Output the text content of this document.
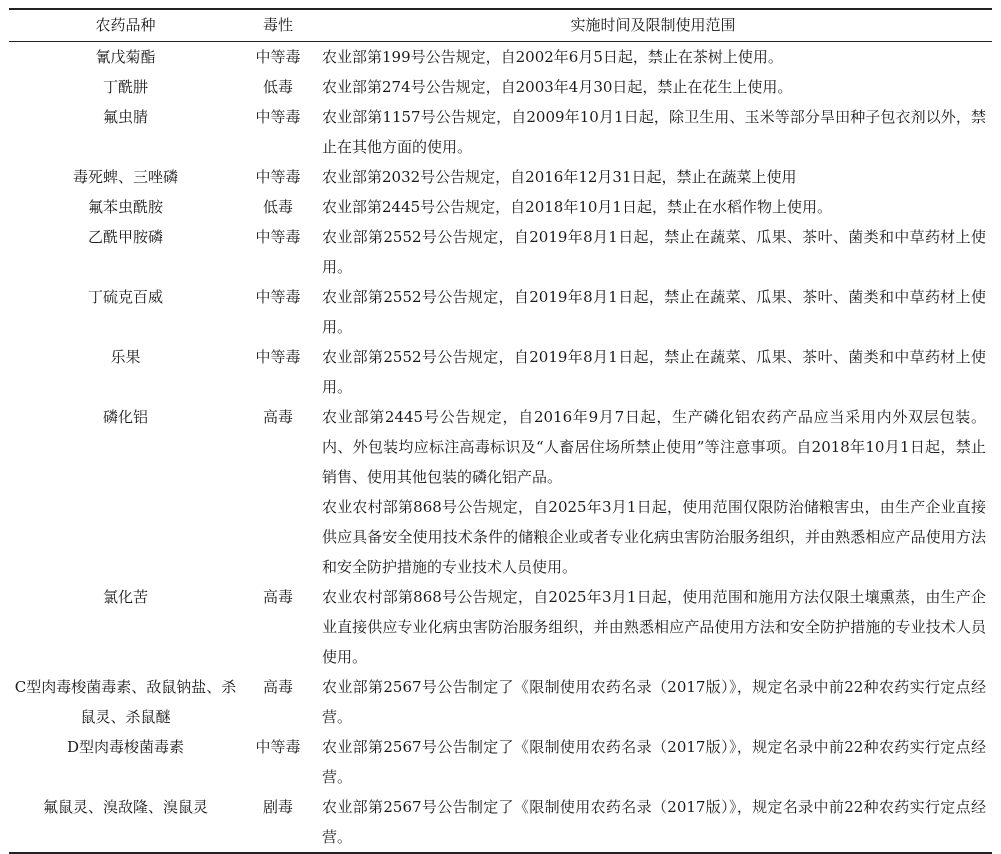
农药品种	毒性	实施时间及限制使用范围
氰戊菊酯	中等毒	农业部第199号公告规定，自2002年6月5日起，禁止在茶树上使用。
丁酰肼	低毒	农业部第274号公告规定，自2003年4月30日起，禁止在花生上使用。
氟虫腈	中等毒	农业部第1157号公告规定，自2009年10月1日起，除卫生用、玉米等部分旱田种子包衣剂以外，禁止在其他方面的使用。
毒死蜱、三唑磷	中等毒	农业部第2032号公告规定，自2016年12月31日起，禁止在蔬菜上使用
氟苯虫酰胺	低毒	农业部第2445号公告规定，自2018年10月1日起，禁止在水稻作物上使用。
乙酰甲胺磷	中等毒	农业部第2552号公告规定，自2019年8月1日起，禁止在蔬菜、瓜果、茶叶、菌类和中草药材上使用。
丁硫克百威	中等毒	农业部第2552号公告规定，自2019年8月1日起，禁止在蔬菜、瓜果、茶叶、菌类和中草药材上使用。
乐果	中等毒	农业部第2552号公告规定，自2019年8月1日起，禁止在蔬菜、瓜果、茶叶、菌类和中草药材上使用。
磷化铝	高毒	农业部第2445号公告规定，自2016年9月7日起，生产磷化铝农药产品应当采用内外双层包装。内、外包装均应标注高毒标识及“人畜居住场所禁止使用”等注意事项。自2018年10月1日起，禁止销售、使用其他包装的磷化铝产品。
		农业农村部第868号公告规定，自2025年3月1日起，使用范围仅限防治储粮害虫，由生产企业直接供应具备安全使用技术条件的储粮企业或者专业化病虫害防治服务组织，并由熟悉相应产品使用方法和安全防护措施的专业技术人员使用。
氯化苦	高毒	农业农村部第868号公告规定，自2025年3月1日起，使用范围和施用方法仅限土壤熏蒸，由生产企业直接供应专业化病虫害防治服务组织，并由熟悉相应产品使用方法和安全防护措施的专业技术人员使用。
C型肉毒梭菌毒素、敌鼠钠盐、杀鼠灵、杀鼠醚	高毒	农业部第2567号公告制定了《限制使用农药名录（2017版）》，规定名录中前22种农药实行定点经营。
D型肉毒梭菌毒素	中等毒	农业部第2567号公告制定了《限制使用农药名录（2017版）》，规定名录中前22种农药实行定点经营。
氟鼠灵、溴敌隆、溴鼠灵	剧毒	农业部第2567号公告制定了《限制使用农药名录（2017版）》，规定名录中前22种农药实行定点经营。
